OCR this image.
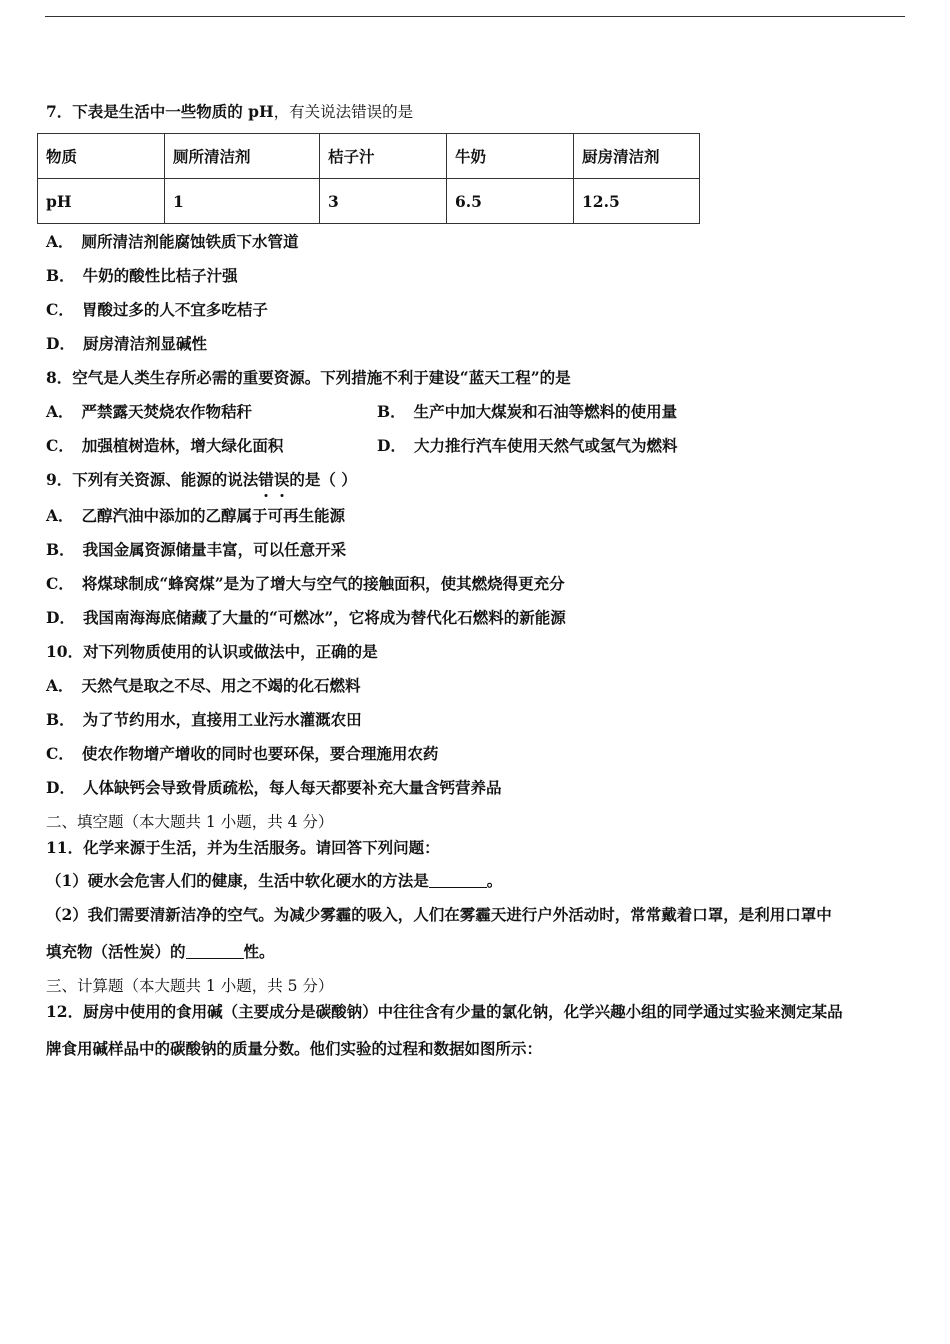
7．下表是生活中一些物质的 pH，有关说法错误的是
物质	厕所清洁剂	桔子汁	牛奶	厨房清洁剂
pH	1	3	6.5	12.5
A． 厕所清洁剂能腐蚀铁质下水管道
B． 牛奶的酸性比桔子汁强
C． 胃酸过多的人不宜多吃桔子
D． 厨房清洁剂显碱性
8．空气是人类生存所必需的重要资源。下列措施不利于建设“蓝天工程”的是
A． 严禁露天焚烧农作物秸秆	B． 生产中加大煤炭和石油等燃料的使用量
C． 加强植树造林，增大绿化面积	D． 大力推行汽车使用天然气或氢气为燃料
9．下列有关资源、能源的说法错误的是（ ）
A． 乙醇汽油中添加的乙醇属于可再生能源
B． 我国金属资源储量丰富，可以任意开采
C． 将煤球制成“蜂窝煤”是为了增大与空气的接触面积，使其燃烧得更充分
D． 我国南海海底储藏了大量的“可燃冰”，它将成为替代化石燃料的新能源
10．对下列物质使用的认识或做法中，正确的是
A． 天然气是取之不尽、用之不竭的化石燃料
B． 为了节约用水，直接用工业污水灌溉农田
C． 使农作物增产增收的同时也要环保，要合理施用农药
D． 人体缺钙会导致骨质疏松，每人每天都要补充大量含钙营养品
二、填空题（本大题共 1 小题，共 4 分）
11．化学来源于生活，并为生活服务。请回答下列问题：
（1）硬水会危害人们的健康，生活中软化硬水的方法是	。
（2）我们需要清新洁净的空气。为减少雾霾的吸入，人们在雾霾天进行户外活动时，常常戴着口罩，是利用口罩中
填充物（活性炭）的	性。
三、计算题（本大题共 1 小题，共 5 分）
12．厨房中使用的食用碱（主要成分是碳酸钠）中往往含有少量的氯化钠，化学兴趣小组的同学通过实验来测定某品
牌食用碱样品中的碳酸钠的质量分数。他们实验的过程和数据如图所示：
